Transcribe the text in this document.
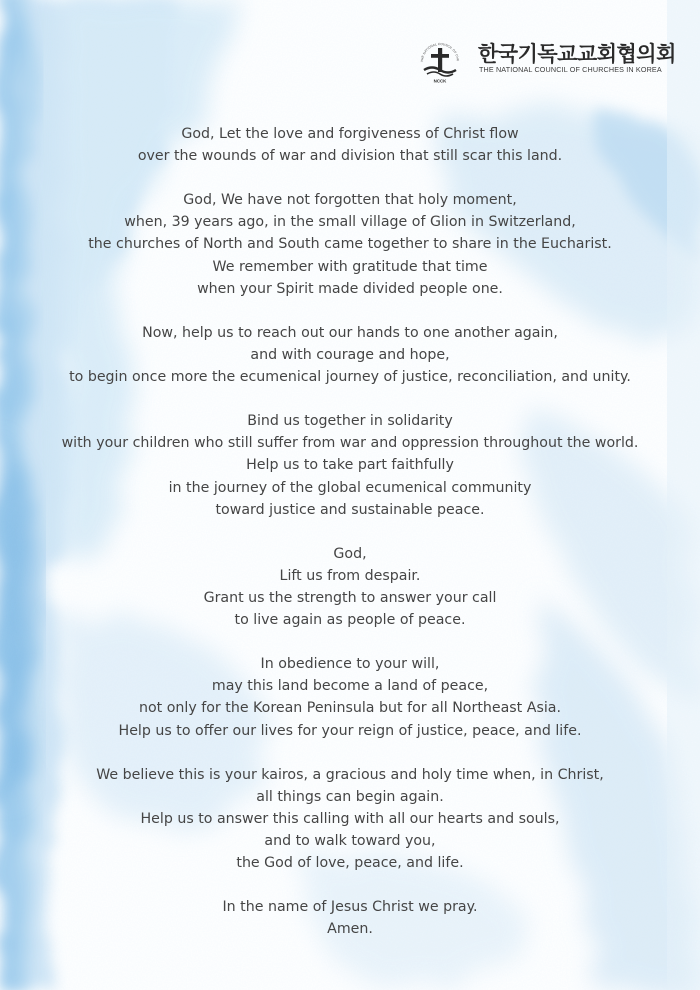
THE NATIONAL COUNCIL OF CHU
NCCK
한국기독교교회협의회
THE NATIONAL COUNCIL OF CHURCHES IN KOREA

God, Let the love and forgiveness of Christ flow
over the wounds of war and division that still scar this land.

God, We have not forgotten that holy moment,
when, 39 years ago, in the small village of Glion in Switzerland,
the churches of North and South came together to share in the Eucharist.
We remember with gratitude that time
when your Spirit made divided people one.

Now, help us to reach out our hands to one another again,
and with courage and hope,
to begin once more the ecumenical journey of justice, reconciliation, and unity.

Bind us together in solidarity
with your children who still suffer from war and oppression throughout the world.
Help us to take part faithfully
in the journey of the global ecumenical community
toward justice and sustainable peace.

God,
Lift us from despair.
Grant us the strength to answer your call
to live again as people of peace.

In obedience to your will,
may this land become a land of peace,
not only for the Korean Peninsula but for all Northeast Asia.
Help us to offer our lives for your reign of justice, peace, and life.

We believe this is your kairos, a gracious and holy time when, in Christ,
all things can begin again.
Help us to answer this calling with all our hearts and souls,
and to walk toward you,
the God of love, peace, and life.

In the name of Jesus Christ we pray.
Amen.
